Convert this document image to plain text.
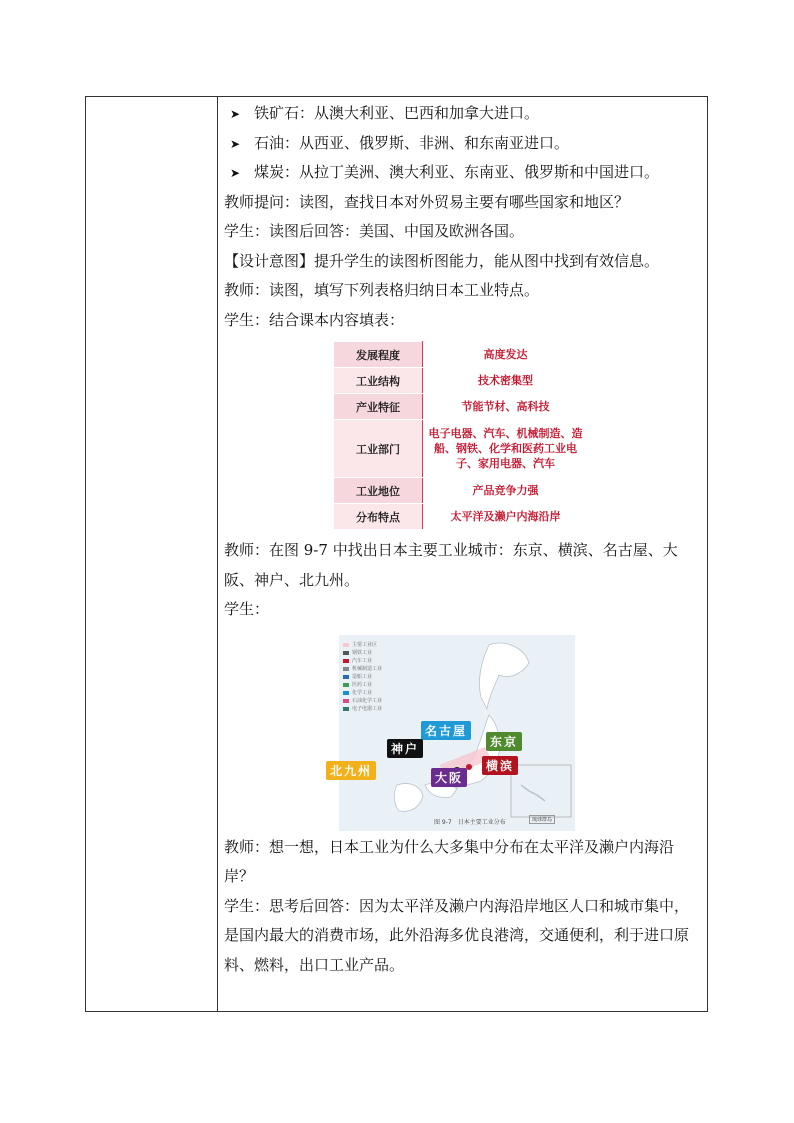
➤铁矿石：从澳大利亚、巴西和加拿大进口。
➤石油：从西亚、俄罗斯、非洲、和东南亚进口。
➤煤炭：从拉丁美洲、澳大利亚、东南亚、俄罗斯和中国进口。
教师提问：读图，查找日本对外贸易主要有哪些国家和地区？
学生：读图后回答：美国、中国及欧洲各国。
【设计意图】提升学生的读图析图能力，能从图中找到有效信息。
教师：读图，填写下列表格归纳日本工业特点。
学生：结合课本内容填表：
发展程度	高度发达
工业结构	技术密集型
产业特征	节能节材、高科技
工业部门	电子电器、汽车、机械制造、造船、钢铁、化学和医药工业电子、家用电器、汽车
工业地位	产品竞争力强
分布特点	太平洋及濑户内海沿岸
教师：在图 9-7 中找出日本主要工业城市：东京、横滨、名古屋、大阪、神户、北九州。
学生：
主要工业区
钢铁工业
汽车工业
机械制造工业
造船工业
医药工业
化学工业
石油化学工业
电子电器工业
名古屋
东京
神户
横滨
北九州	大阪
图 9-7　日本主要工业分布	琉球群岛
教师：想一想，日本工业为什么大多集中分布在太平洋及濑户内海沿岸？
学生：思考后回答：因为太平洋及濑户内海沿岸地区人口和城市集中，是国内最大的消费市场，此外沿海多优良港湾，交通便利，利于进口原料、燃料，出口工业产品。
